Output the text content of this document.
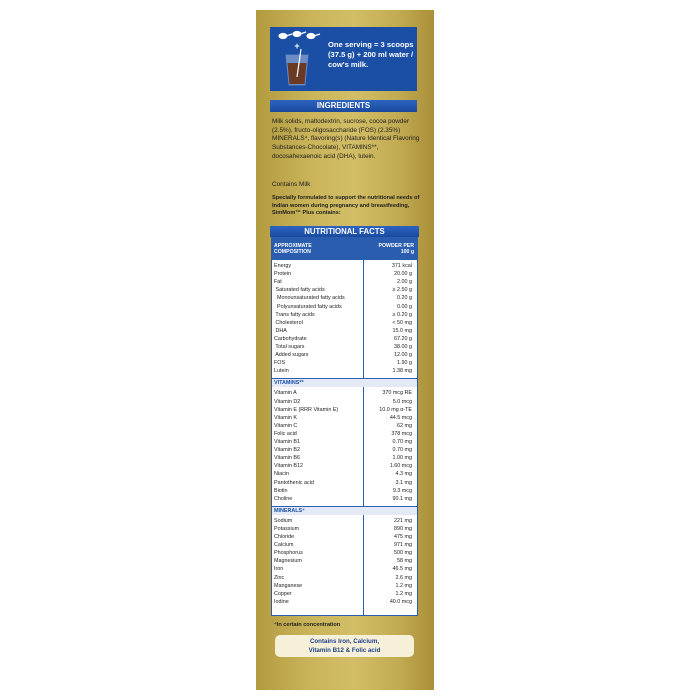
+	One serving = 3 scoops (37.5 g) + 200 ml water / cow's milk.
INGREDIENTS
Milk solids, maltodextrin, sucrose, cocoa powder (2.5%), fructo-oligosaccharide (FOS) (2.35%) MINERALS⁴, flavoring(s) (Nature Identical Flavoring Substances-Chocolate), VITAMINS**, docosahexaenoic acid (DHA), lutein.
Contains Milk
Specially formulated to support the nutritional needs of Indian women during pregnancy and breastfeeding, SimMom™ Plus contains:
NUTRITIONAL FACTS
APPROXIMATE COMPOSITION
POWDER PER 100 g
Energy	371 kcal
Protein	20.00 g
Fat	2.00 g
Saturated fatty acids	≥ 2.50 g
Monounsaturated fatty acids	0.20 g
Polyunsaturated fatty acids	0.00 g
Trans fatty acids	≥ 0.20 g
Cholesterol	< 50 mg
DHA	15.0 mg
Carbohydrate	67.20 g
Total sugars	38.00 g
Added sugars	12.00 g
FOS	1.90 g
Lutein	1.38 mg
VITAMINS**
Vitamin A	370 mcg RE
Vitamin D2	5.0 mcg
Vitamin E (RRR Vitamin E)	10.0 mg α-TE
Vitamin K	44.5 mcg
Vitamin C	62 mg
Folic acid	378 mcg
Vitamin B1	0.70 mg
Vitamin B2	0.70 mg
Vitamin B6	1.00 mg
Vitamin B12	1.60 mcg
Niacin	4.3 mg
Pantothenic acid	3.1 mg
Biotin	9.3 mcg
Choline	90.1 mg
MINERALS⁴
Sodium	221 mg
Potassium	890 mg
Chloride	475 mg
Calcium	971 mg
Phosphorus	500 mg
Magnesium	58 mg
Iron	46.5 mg
Zinc	2.6 mg
Manganese	1.2 mg
Copper	1.2 mg
Iodine	40.0 mcg
⁴In certain concentration
Contains Iron, Calcium,
Vitamin B12 & Folic acid
